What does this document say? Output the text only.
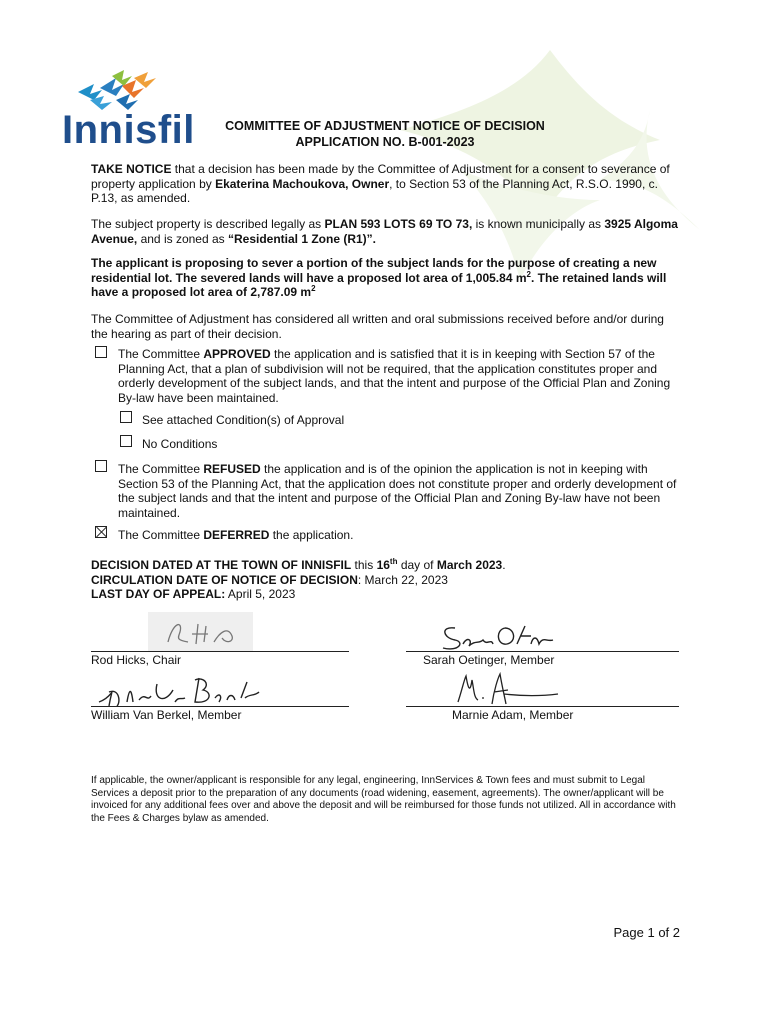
Innisfil	COMMITTEE OF ADJUSTMENT NOTICE OF DECISION
APPLICATION NO. B-001-2023

TAKE NOTICE that a decision has been made by the Committee of Adjustment for a consent to severance of property application by Ekaterina Machoukova, Owner, to Section 53 of the Planning Act, R.S.O. 1990, c. P.13, as amended.

The subject property is described legally as PLAN 593 LOTS 69 TO 73, is known municipally as 3925 Algoma Avenue, and is zoned as “Residential 1 Zone (R1)”.

The applicant is proposing to sever a portion of the subject lands for the purpose of creating a new residential lot. The severed lands will have a proposed lot area of 1,005.84 $m^2$. The retained lands will have a proposed lot area of 2,787.09 $m^2$

The Committee of Adjustment has considered all written and oral submissions received before and/or during the hearing as part of their decision.

The Committee APPROVED the application and is satisfied that it is in keeping with Section 57 of the Planning Act, that a plan of subdivision will not be required, that the application constitutes proper and orderly development of the subject lands, and that the intent and purpose of the Official Plan and Zoning By-law have been maintained.

See attached Condition(s) of Approval
No Conditions

The Committee REFUSED the application and is of the opinion the application is not in keeping with Section 53 of the Planning Act, that the application does not constitute proper and orderly development of the subject lands and that the intent and purpose of the Official Plan and Zoning By-law have not been maintained.

The Committee DEFERRED the application.

DECISION DATED AT THE TOWN OF INNISFIL this 16th day of March 2023.
CIRCULATION DATE OF NOTICE OF DECISION: March 22, 2023
LAST DAY OF APPEAL: April 5, 2023
Rod Hicks, Chair	Sarah Oetinger, Member
William Van Berkel, Member	Marnie Adam, Member

If applicable, the owner/applicant is responsible for any legal, engineering, InnServices & Town fees and must submit to Legal Services a deposit prior to the preparation of any documents (road widening, easement, agreements). The owner/applicant will be invoiced for any additional fees over and above the deposit and will be reimbursed for those funds not utilized. All in accordance with the Fees & Charges bylaw as amended.

Page 1 of 2
